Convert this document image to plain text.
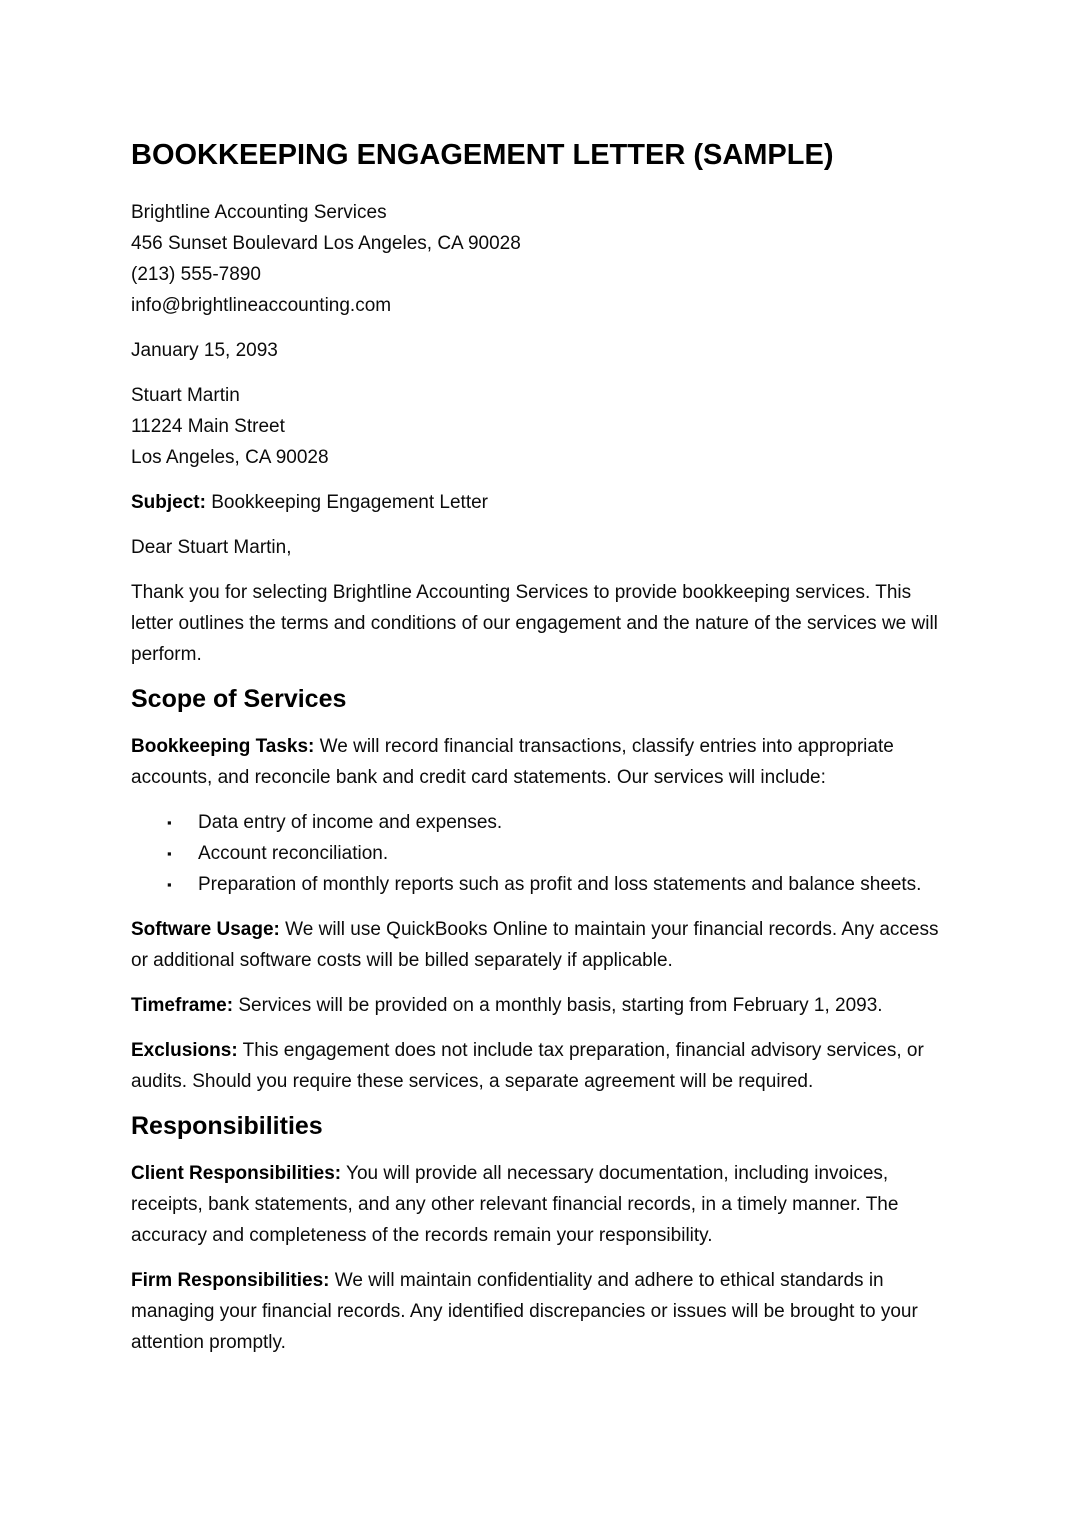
BOOKKEEPING ENGAGEMENT LETTER (SAMPLE)
Brightline Accounting Services
456 Sunset Boulevard Los Angeles, CA 90028
(213) 555-7890
info@brightlineaccounting.com

January 15, 2093

Stuart Martin
11224 Main Street
Los Angeles, CA 90028

Subject: Bookkeeping Engagement Letter

Dear Stuart Martin,

Thank you for selecting Brightline Accounting Services to provide bookkeeping services. This letter outlines the terms and conditions of our engagement and the nature of the services we will perform.

Scope of Services

Bookkeeping Tasks: We will record financial transactions, classify entries into appropriate accounts, and reconcile bank and credit card statements. Our services will include:

▪ Data entry of income and expenses.
▪ Account reconciliation.
▪ Preparation of monthly reports such as profit and loss statements and balance sheets.

Software Usage: We will use QuickBooks Online to maintain your financial records. Any access or additional software costs will be billed separately if applicable.

Timeframe: Services will be provided on a monthly basis, starting from February 1, 2093.

Exclusions: This engagement does not include tax preparation, financial advisory services, or audits. Should you require these services, a separate agreement will be required.

Responsibilities

Client Responsibilities: You will provide all necessary documentation, including invoices, receipts, bank statements, and any other relevant financial records, in a timely manner. The accuracy and completeness of the records remain your responsibility.

Firm Responsibilities: We will maintain confidentiality and adhere to ethical standards in managing your financial records. Any identified discrepancies or issues will be brought to your attention promptly.
